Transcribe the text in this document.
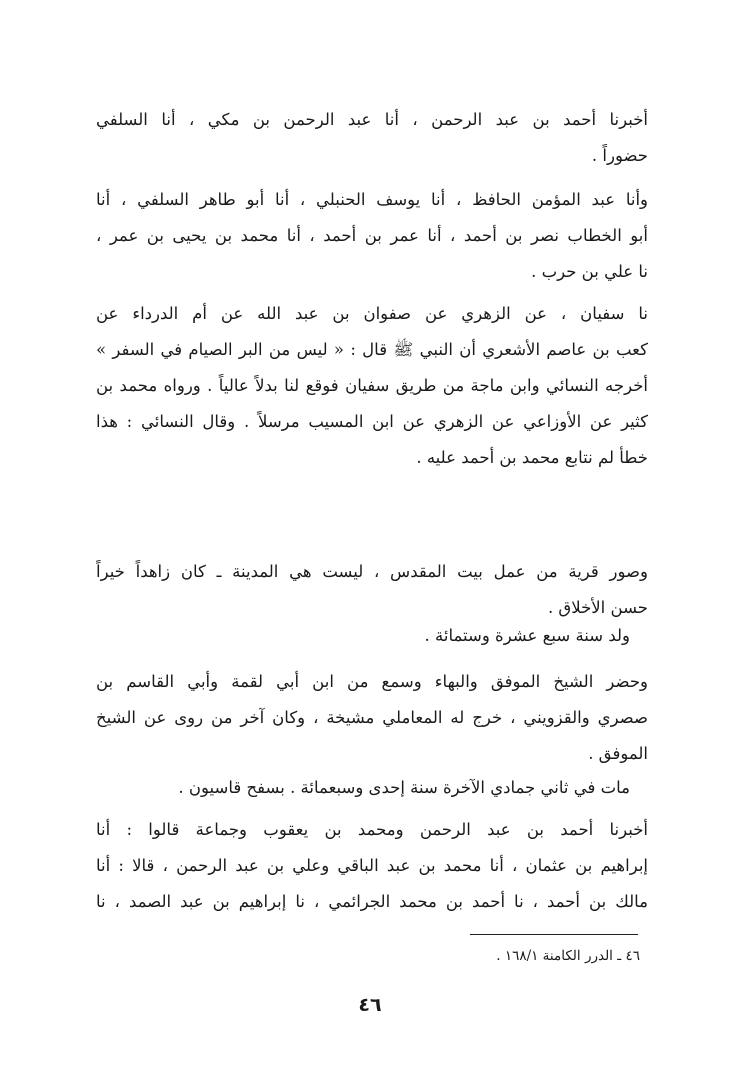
أخبرنا أحمد بن عبد الرحمن ، أنا عبد الرحمن بن مكي ، أنا السلفي
حضوراً .
وأنا عبد المؤمن الحافظ ، أنا يوسف الحنبلي ، أنا أبو طاهر السلفي ، أنا
أبو الخطاب نصر بن أحمد ، أنا عمر بن أحمد ، أنا محمد بن يحيى بن عمر ،
نا علي بن حرب .
نا سفيان ، عن الزهري عن صفوان بن عبد الله عن أم الدرداء عن
كعب بن عاصم الأشعري أن النبي ﷺ قال : « ليس من البر الصيام في السفر »
أخرجه النسائي وابن ماجة من طريق سفيان فوقع لنا بدلاً عالياً . ورواه محمد بن
كثير عن الأوزاعي عن الزهري عن ابن المسيب مرسلاً . وقال النسائي : هذا
خطأ لم نتابع محمد بن أحمد عليه .
وصور قرية من عمل بيت المقدس ، ليست هي المدينة ـ كان زاهداً خيراً
حسن الأخلاق .
ولد سنة سبع عشرة وستمائة .
وحضر الشيخ الموفق والبهاء وسمع من ابن أبي لقمة وأبي القاسم بن
صصري والقزويني ، خرج له المعاملي مشيخة ، وكان آخر من روى عن الشيخ
الموفق .
مات في ثاني جمادي الآخرة سنة إحدى وسبعمائة . بسفح قاسيون .
أخبرنا أحمد بن عبد الرحمن ومحمد بن يعقوب وجماعة قالوا : أنا
إبراهيم بن عثمان ، أنا محمد بن عبد الباقي وعلي بن عبد الرحمن ، قالا : أنا
مالك بن أحمد ، نا أحمد بن محمد الجرائمي ، نا إبراهيم بن عبد الصمد ، نا
٤٦ ـ الدرر الكامنة ١٦٨/١ .
٤٦
